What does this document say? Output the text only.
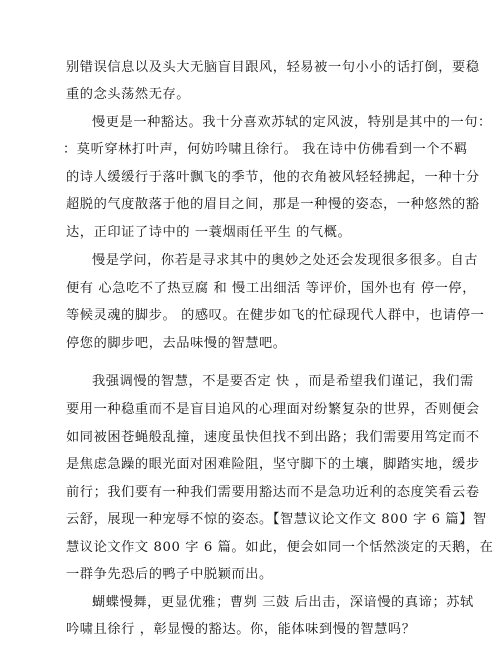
别错误信息以及头大无脑盲目跟风，轻易被一句小小的话打倒，要稳
重的念头荡然无存。
慢更是一种豁达。我十分喜欢苏轼的定风波，特别是其中的一句：
：莫听穿林打叶声，何妨吟啸且徐行。 我在诗中仿佛看到一个不羁
的诗人缓缓行于落叶飘飞的季节，他的衣角被风轻轻拂起，一种十分
超脱的气度散落于他的眉目之间，那是一种慢的姿态，一种悠然的豁
达，正印证了诗中的 一蓑烟雨任平生 的气概。
慢是学问，你若是寻求其中的奥妙之处还会发现很多很多。自古
便有 心急吃不了热豆腐 和 慢工出细活 等评价，国外也有 停一停，
等候灵魂的脚步。 的感叹。在健步如飞的忙碌现代人群中，也请停一
停您的脚步吧，去品味慢的智慧吧。
我强调慢的智慧，不是要否定 快 ，而是希望我们谨记，我们需
要用一种稳重而不是盲目追风的心理面对纷繁复杂的世界，否则便会
如同被困苍蝇般乱撞，速度虽快但找不到出路；我们需要用笃定而不
是焦虑急躁的眼光面对困难险阻，坚守脚下的土壤，脚踏实地，缓步
前行；我们要有一种我们需要用豁达而不是急功近利的态度笑看云卷
云舒，展现一种宠辱不惊的姿态。【智慧议论文作文 800 字 6 篇】智
慧议论文作文 800 字 6 篇。如此，便会如同一个恬然淡定的天鹅，在
一群争先恐后的鸭子中脱颖而出。
蝴蝶慢舞，更显优雅；曹刿 三鼓 后出击，深谙慢的真谛；苏轼
吟啸且徐行 ，彰显慢的豁达。你，能体味到慢的智慧吗？
